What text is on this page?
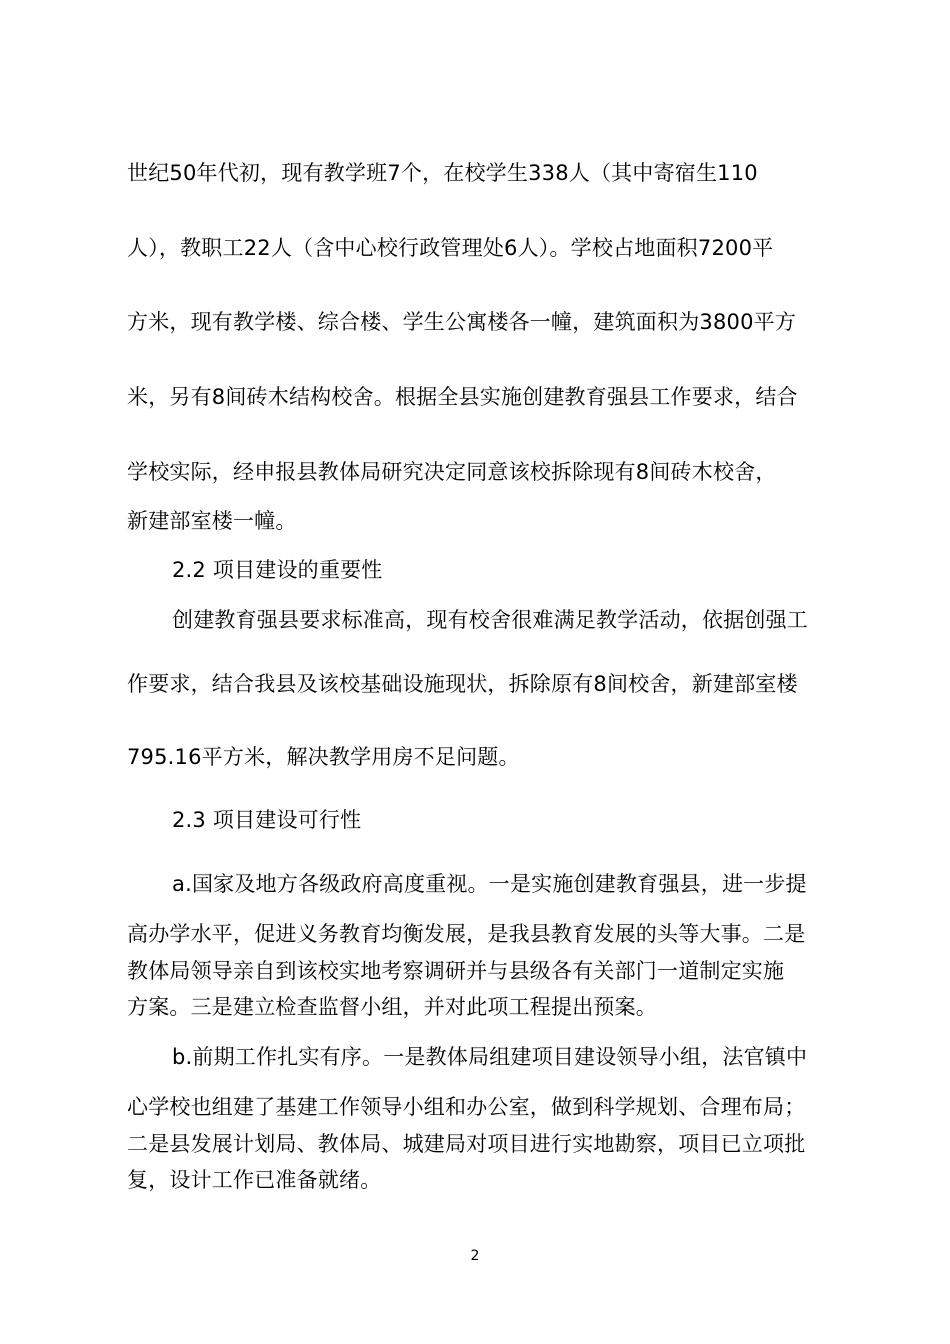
世纪50年代初，现有教学班7个，在校学生338人（其中寄宿生110
人），教职工22人（含中心校行政管理处6人）。学校占地面积7200平
方米，现有教学楼、综合楼、学生公寓楼各一幢，建筑面积为3800平方
米，另有8间砖木结构校舍。根据全县实施创建教育强县工作要求，结合
学校实际，经申报县教体局研究决定同意该校拆除现有8间砖木校舍，
新建部室楼一幢。
2.2 项目建设的重要性
创建教育强县要求标准高，现有校舍很难满足教学活动，依据创强工
作要求，结合我县及该校基础设施现状，拆除原有8间校舍，新建部室楼
795.16平方米，解决教学用房不足问题。
2.3 项目建设可行性
a.国家及地方各级政府高度重视。一是实施创建教育强县，进一步提
高办学水平，促进义务教育均衡发展，是我县教育发展的头等大事。二是
教体局领导亲自到该校实地考察调研并与县级各有关部门一道制定实施
方案。三是建立检查监督小组，并对此项工程提出预案。
b.前期工作扎实有序。一是教体局组建项目建设领导小组，法官镇中
心学校也组建了基建工作领导小组和办公室，做到科学规划、合理布局；
二是县发展计划局、教体局、城建局对项目进行实地勘察，项目已立项批
复，设计工作已准备就绪。
2
